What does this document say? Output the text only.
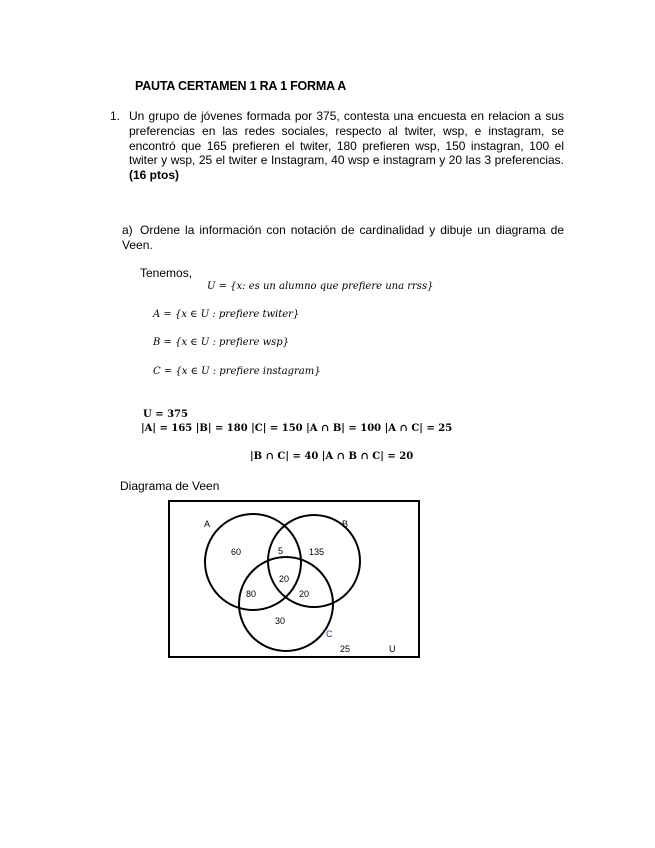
PAUTA CERTAMEN 1 RA 1 FORMA A
1. Un grupo de jóvenes formada por 375, contesta una encuesta en relacion a sus preferencias en las redes sociales, respecto al twiter, wsp, e instagram, se encontró que 165 prefieren el twiter, 180 prefieren wsp, 150 instagran, 100 el twiter y wsp, 25 el twiter e Instagram, 40 wsp e instagram y 20 las 3 preferencias. (16 ptos)
a) Ordene la información con notación de cardinalidad y dibuje un diagrama de Veen.
Tenemos,
U = {x: es un alumno que prefiere una rrss}
A = {x ∈ U : prefiere twiter}
B = {x ∈ U : prefiere wsp}
C = {x ∈ U : prefiere instagram}
U = 375
|A| = 165 |B| = 180 |C| = 150 |A ∩ B| = 100 |A ∩ C| = 25
|B ∩ C| = 40 |A ∩ B ∩ C| = 20
Diagrama de Veen
A	B
C
U
60	5	135
20
80	20
30
25
